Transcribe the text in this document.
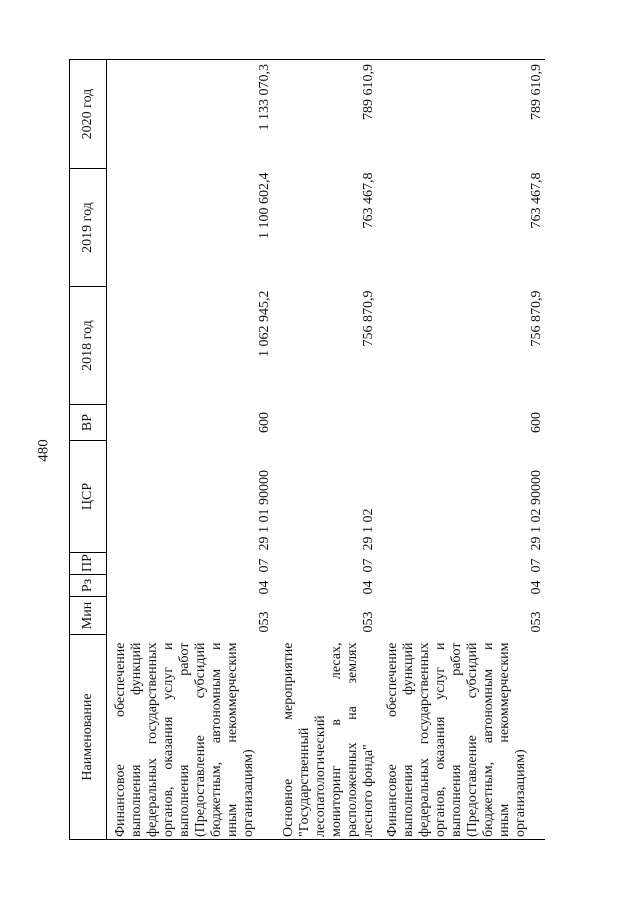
480
Наименование	Мин	Рз	ПР	ЦСР	ВР	2018 год	2019 год	2020 год
Финансовое обеспечение выполнения функций федеральных государственных органов, оказания услуг и выполнения работ (Предоставление субсидий бюджетным, автономным и иным некоммерческим организациям)	053	04	07	29 1 01 90000	600	1 062 945,2	1 100 602,4	1 133 070,3
Основное мероприятие "Государственный лесопатологический мониторинг в лесах, расположенных на землях лесного фонда"	053	04	07	29 1 02		756 870,9	763 467,8	789 610,9
Финансовое обеспечение выполнения функций федеральных государственных органов, оказания услуг и выполнения работ (Предоставление субсидий бюджетным, автономным и иным некоммерческим организациям)	053	04	07	29 1 02 90000	600	756 870,9	763 467,8	789 610,9
